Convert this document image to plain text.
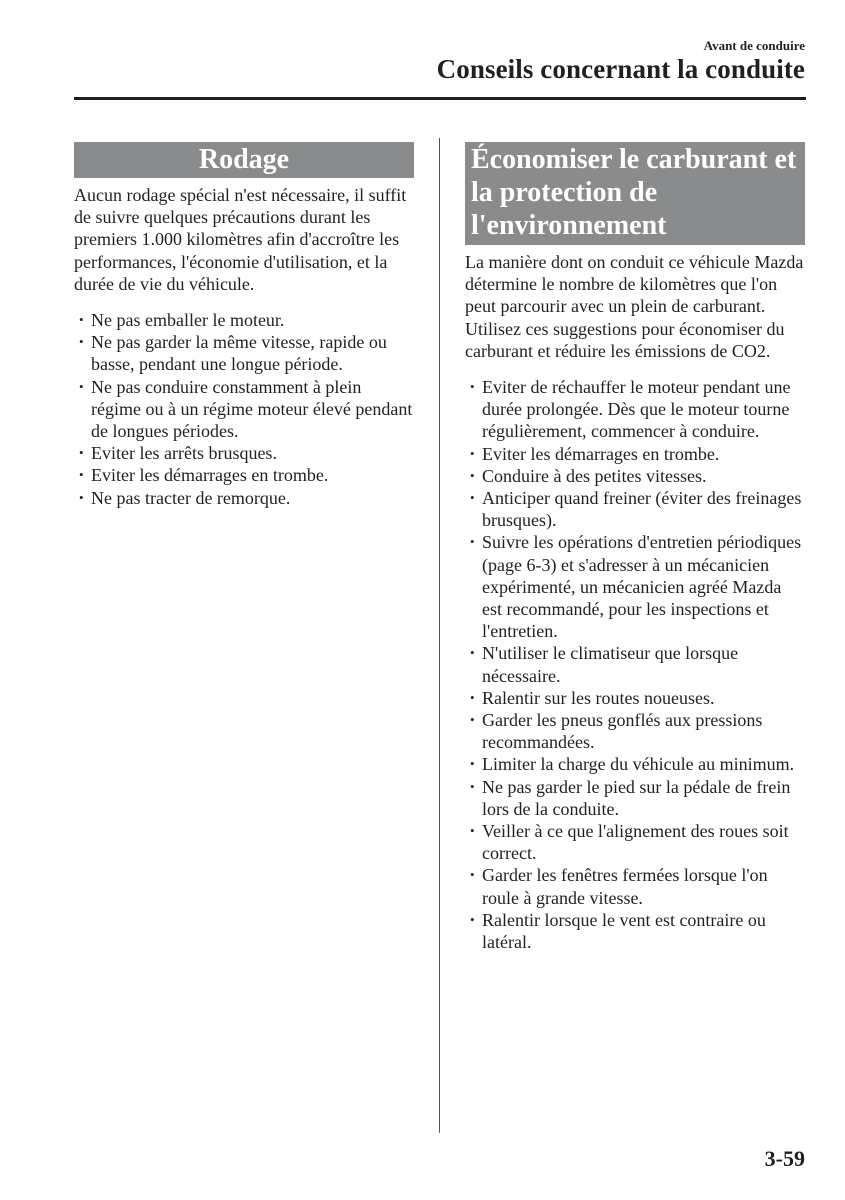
Avant de conduire
Conseils concernant la conduite
Rodage

Aucun rodage spécial n'est nécessaire, il suffit de suivre quelques précautions durant les premiers 1.000 kilomètres afin d'accroître les performances, l'économie d'utilisation, et la durée de vie du véhicule.

• Ne pas emballer le moteur.
• Ne pas garder la même vitesse, rapide ou basse, pendant une longue période.
• Ne pas conduire constamment à plein régime ou à un régime moteur élevé pendant de longues périodes.
• Eviter les arrêts brusques.
• Eviter les démarrages en trombe.
• Ne pas tracter de remorque.
Économiser le carburant et la protection de l'environnement

La manière dont on conduit ce véhicule Mazda détermine le nombre de kilomètres que l'on peut parcourir avec un plein de carburant. Utilisez ces suggestions pour économiser du carburant et réduire les émissions de CO2.

• Eviter de réchauffer le moteur pendant une durée prolongée. Dès que le moteur tourne régulièrement, commencer à conduire.
• Eviter les démarrages en trombe.
• Conduire à des petites vitesses.
• Anticiper quand freiner (éviter des freinages brusques).
• Suivre les opérations d'entretien périodiques (page 6-3) et s'adresser à un mécanicien expérimenté, un mécanicien agréé Mazda est recommandé, pour les inspections et l'entretien.
• N'utiliser le climatiseur que lorsque nécessaire.
• Ralentir sur les routes noueuses.
• Garder les pneus gonflés aux pressions recommandées.
• Limiter la charge du véhicule au minimum.
• Ne pas garder le pied sur la pédale de frein lors de la conduite.
• Veiller à ce que l'alignement des roues soit correct.
• Garder les fenêtres fermées lorsque l'on roule à grande vitesse.
• Ralentir lorsque le vent est contraire ou latéral.
3-59
